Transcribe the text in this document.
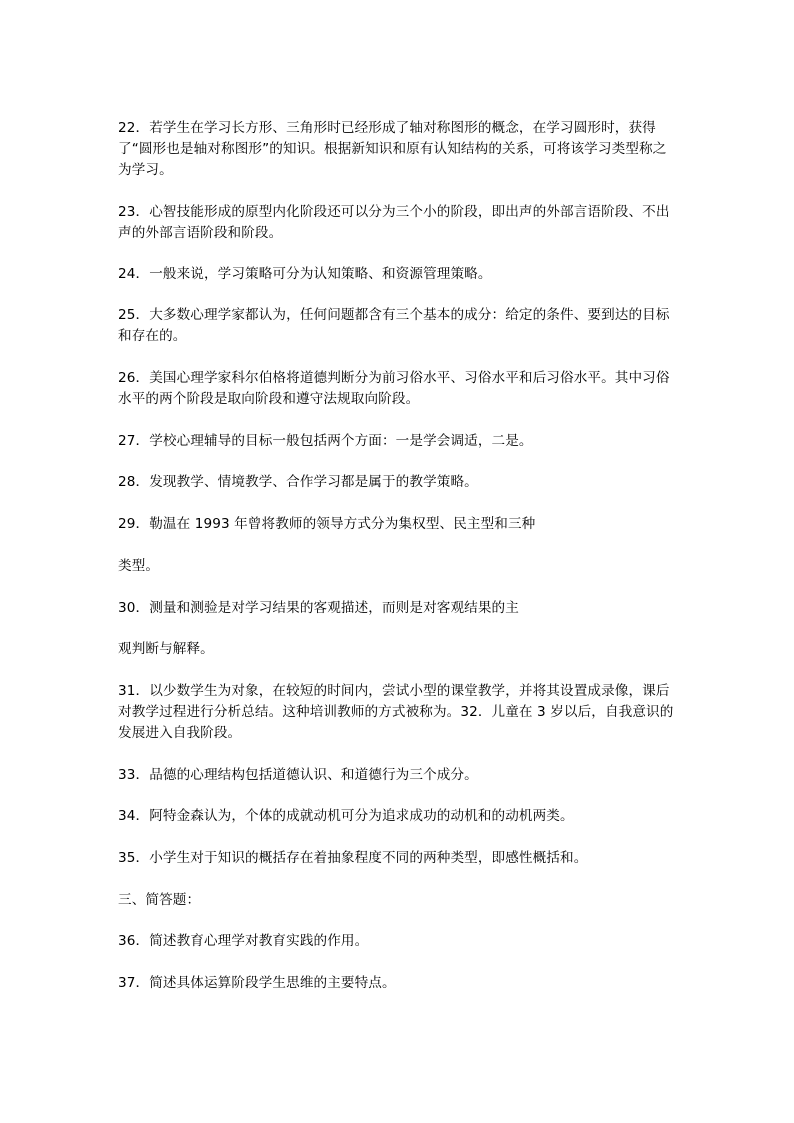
22．若学生在学习长方形、三角形时已经形成了轴对称图形的概念，在学习圆形时，获得了“圆形也是轴对称图形”的知识。根据新知识和原有认知结构的关系，可将该学习类型称之为学习。

23．心智技能形成的原型内化阶段还可以分为三个小的阶段，即出声的外部言语阶段、不出声的外部言语阶段和阶段。

24．一般来说，学习策略可分为认知策略、和资源管理策略。

25．大多数心理学家都认为，任何问题都含有三个基本的成分：给定的条件、要到达的目标和存在的。

26．美国心理学家科尔伯格将道德判断分为前习俗水平、习俗水平和后习俗水平。其中习俗水平的两个阶段是取向阶段和遵守法规取向阶段。

27．学校心理辅导的目标一般包括两个方面：一是学会调适，二是。

28．发现教学、情境教学、合作学习都是属于的教学策略。

29．勒温在 1993 年曾将教师的领导方式分为集权型、民主型和三种

类型。

30．测量和测验是对学习结果的客观描述，而则是对客观结果的主

观判断与解释。

31．以少数学生为对象，在较短的时间内，尝试小型的课堂教学，并将其设置成录像，课后对教学过程进行分析总结。这种培训教师的方式被称为。32．儿童在 3 岁以后，自我意识的发展进入自我阶段。

33．品德的心理结构包括道德认识、和道德行为三个成分。

34．阿特金森认为，个体的成就动机可分为追求成功的动机和的动机两类。

35．小学生对于知识的概括存在着抽象程度不同的两种类型，即感性概括和。

三、简答题：

36．简述教育心理学对教育实践的作用。

37．简述具体运算阶段学生思维的主要特点。
